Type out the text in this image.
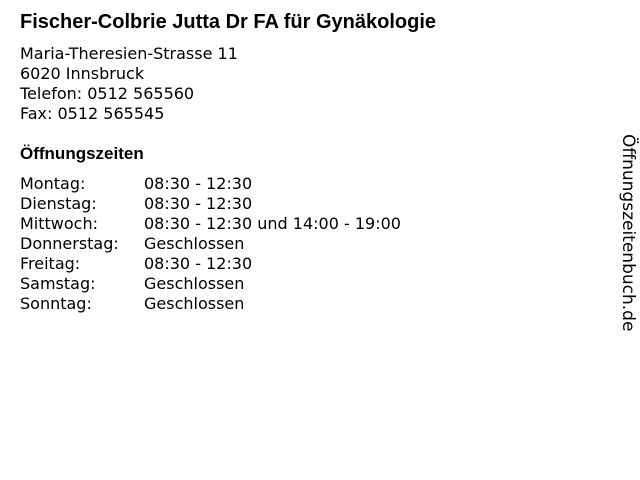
Fischer-Colbrie Jutta Dr FA für Gynäkologie
Maria-Theresien-Strasse 11
6020 Innsbruck
Telefon: 0512 565560
Fax: 0512 565545
Öffnungszeiten
Montag:	08:30 - 12:30
Dienstag:	08:30 - 12:30
Mittwoch:	08:30 - 12:30 und 14:00 - 19:00
Donnerstag:	Geschlossen
Freitag:	08:30 - 12:30
Samstag:	Geschlossen
Sonntag:	Geschlossen	Öffnungszeitenbuch.de
